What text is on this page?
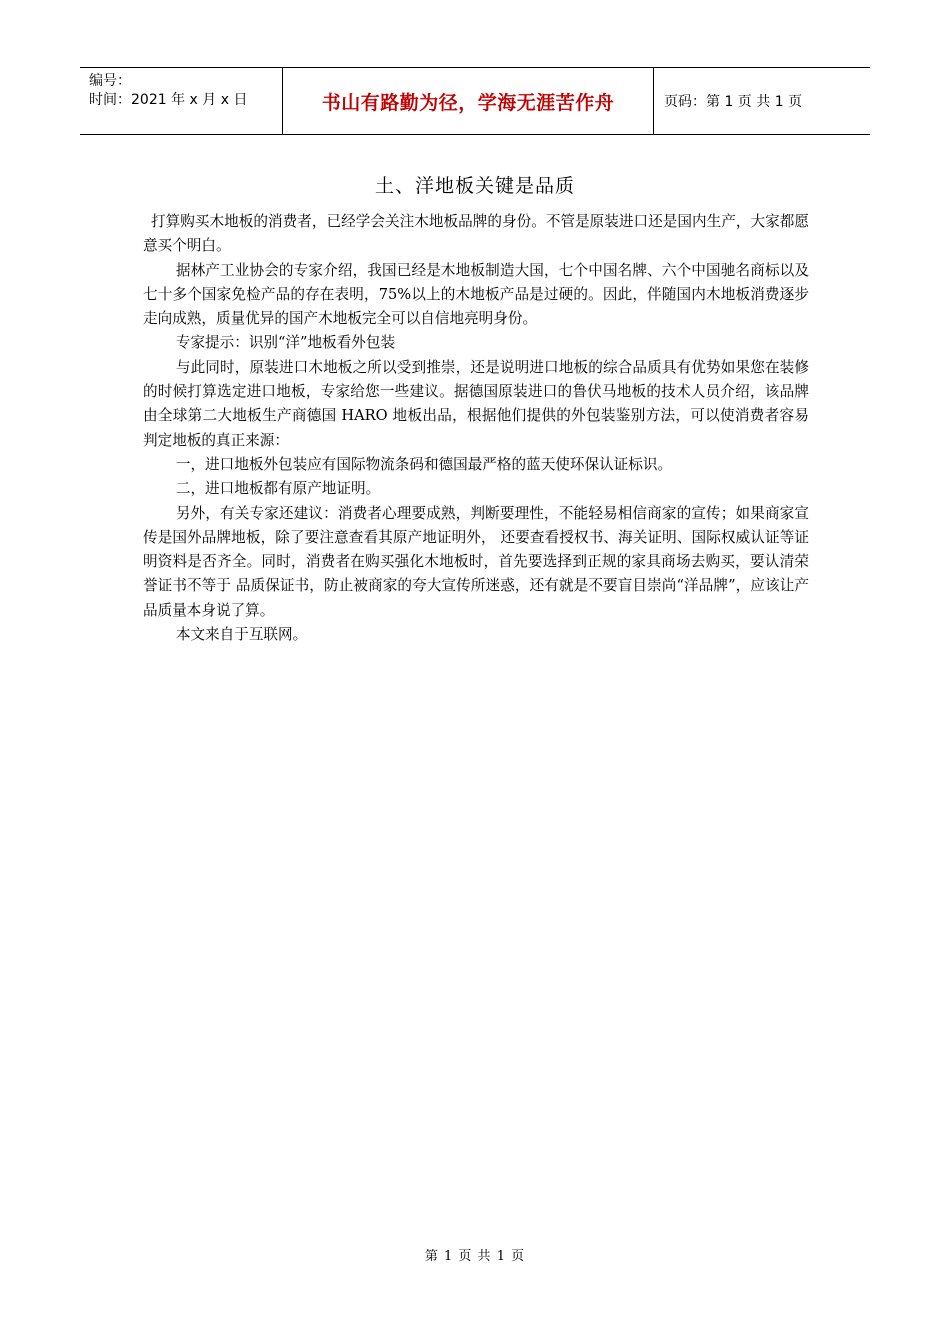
编号：
时间：2021 年 x 月 x 日	书山有路勤为径，学海无涯苦作舟	页码：第 1 页 共 1 页
土、洋地板关键是品质

打算购买木地板的消费者，已经学会关注木地板品牌的身份。不管是原装进口还是国内生产，大家都愿意买个明白。

据林产工业协会的专家介绍，我国已经是木地板制造大国，七个中国名牌、六个中国驰名商标以及七十多个国家免检产品的存在表明，75%以上的木地板产品是过硬的。因此，伴随国内木地板消费逐步走向成熟，质量优异的国产木地板完全可以自信地亮明身份。

专家提示：识别“洋”地板看外包装

与此同时，原装进口木地板之所以受到推崇，还是说明进口地板的综合品质具有优势如果您在装修的时候打算选定进口地板，专家给您一些建议。据德国原装进口的鲁伏马地板的技术人员介绍，该品牌由全球第二大地板生产商德国 HARO 地板出品，根据他们提供的外包装鉴别方法，可以使消费者容易判定地板的真正来源：

一，进口地板外包装应有国际物流条码和德国最严格的蓝天使环保认证标识。

二，进口地板都有原产地证明。

另外，有关专家还建议：消费者心理要成熟，判断要理性，不能轻易相信商家的宣传；如果商家宣传是国外品牌地板，除了要注意查看其原产地证明外， 还要查看授权书、海关证明、国际权威认证等证明资料是否齐全。同时，消费者在购买强化木地板时，首先要选择到正规的家具商场去购买，要认清荣誉证书不等于 品质保证书，防止被商家的夸大宣传所迷惑，还有就是不要盲目崇尚“洋品牌”，应该让产品质量本身说了算。

本文来自于互联网。

第 1 页 共 1 页
